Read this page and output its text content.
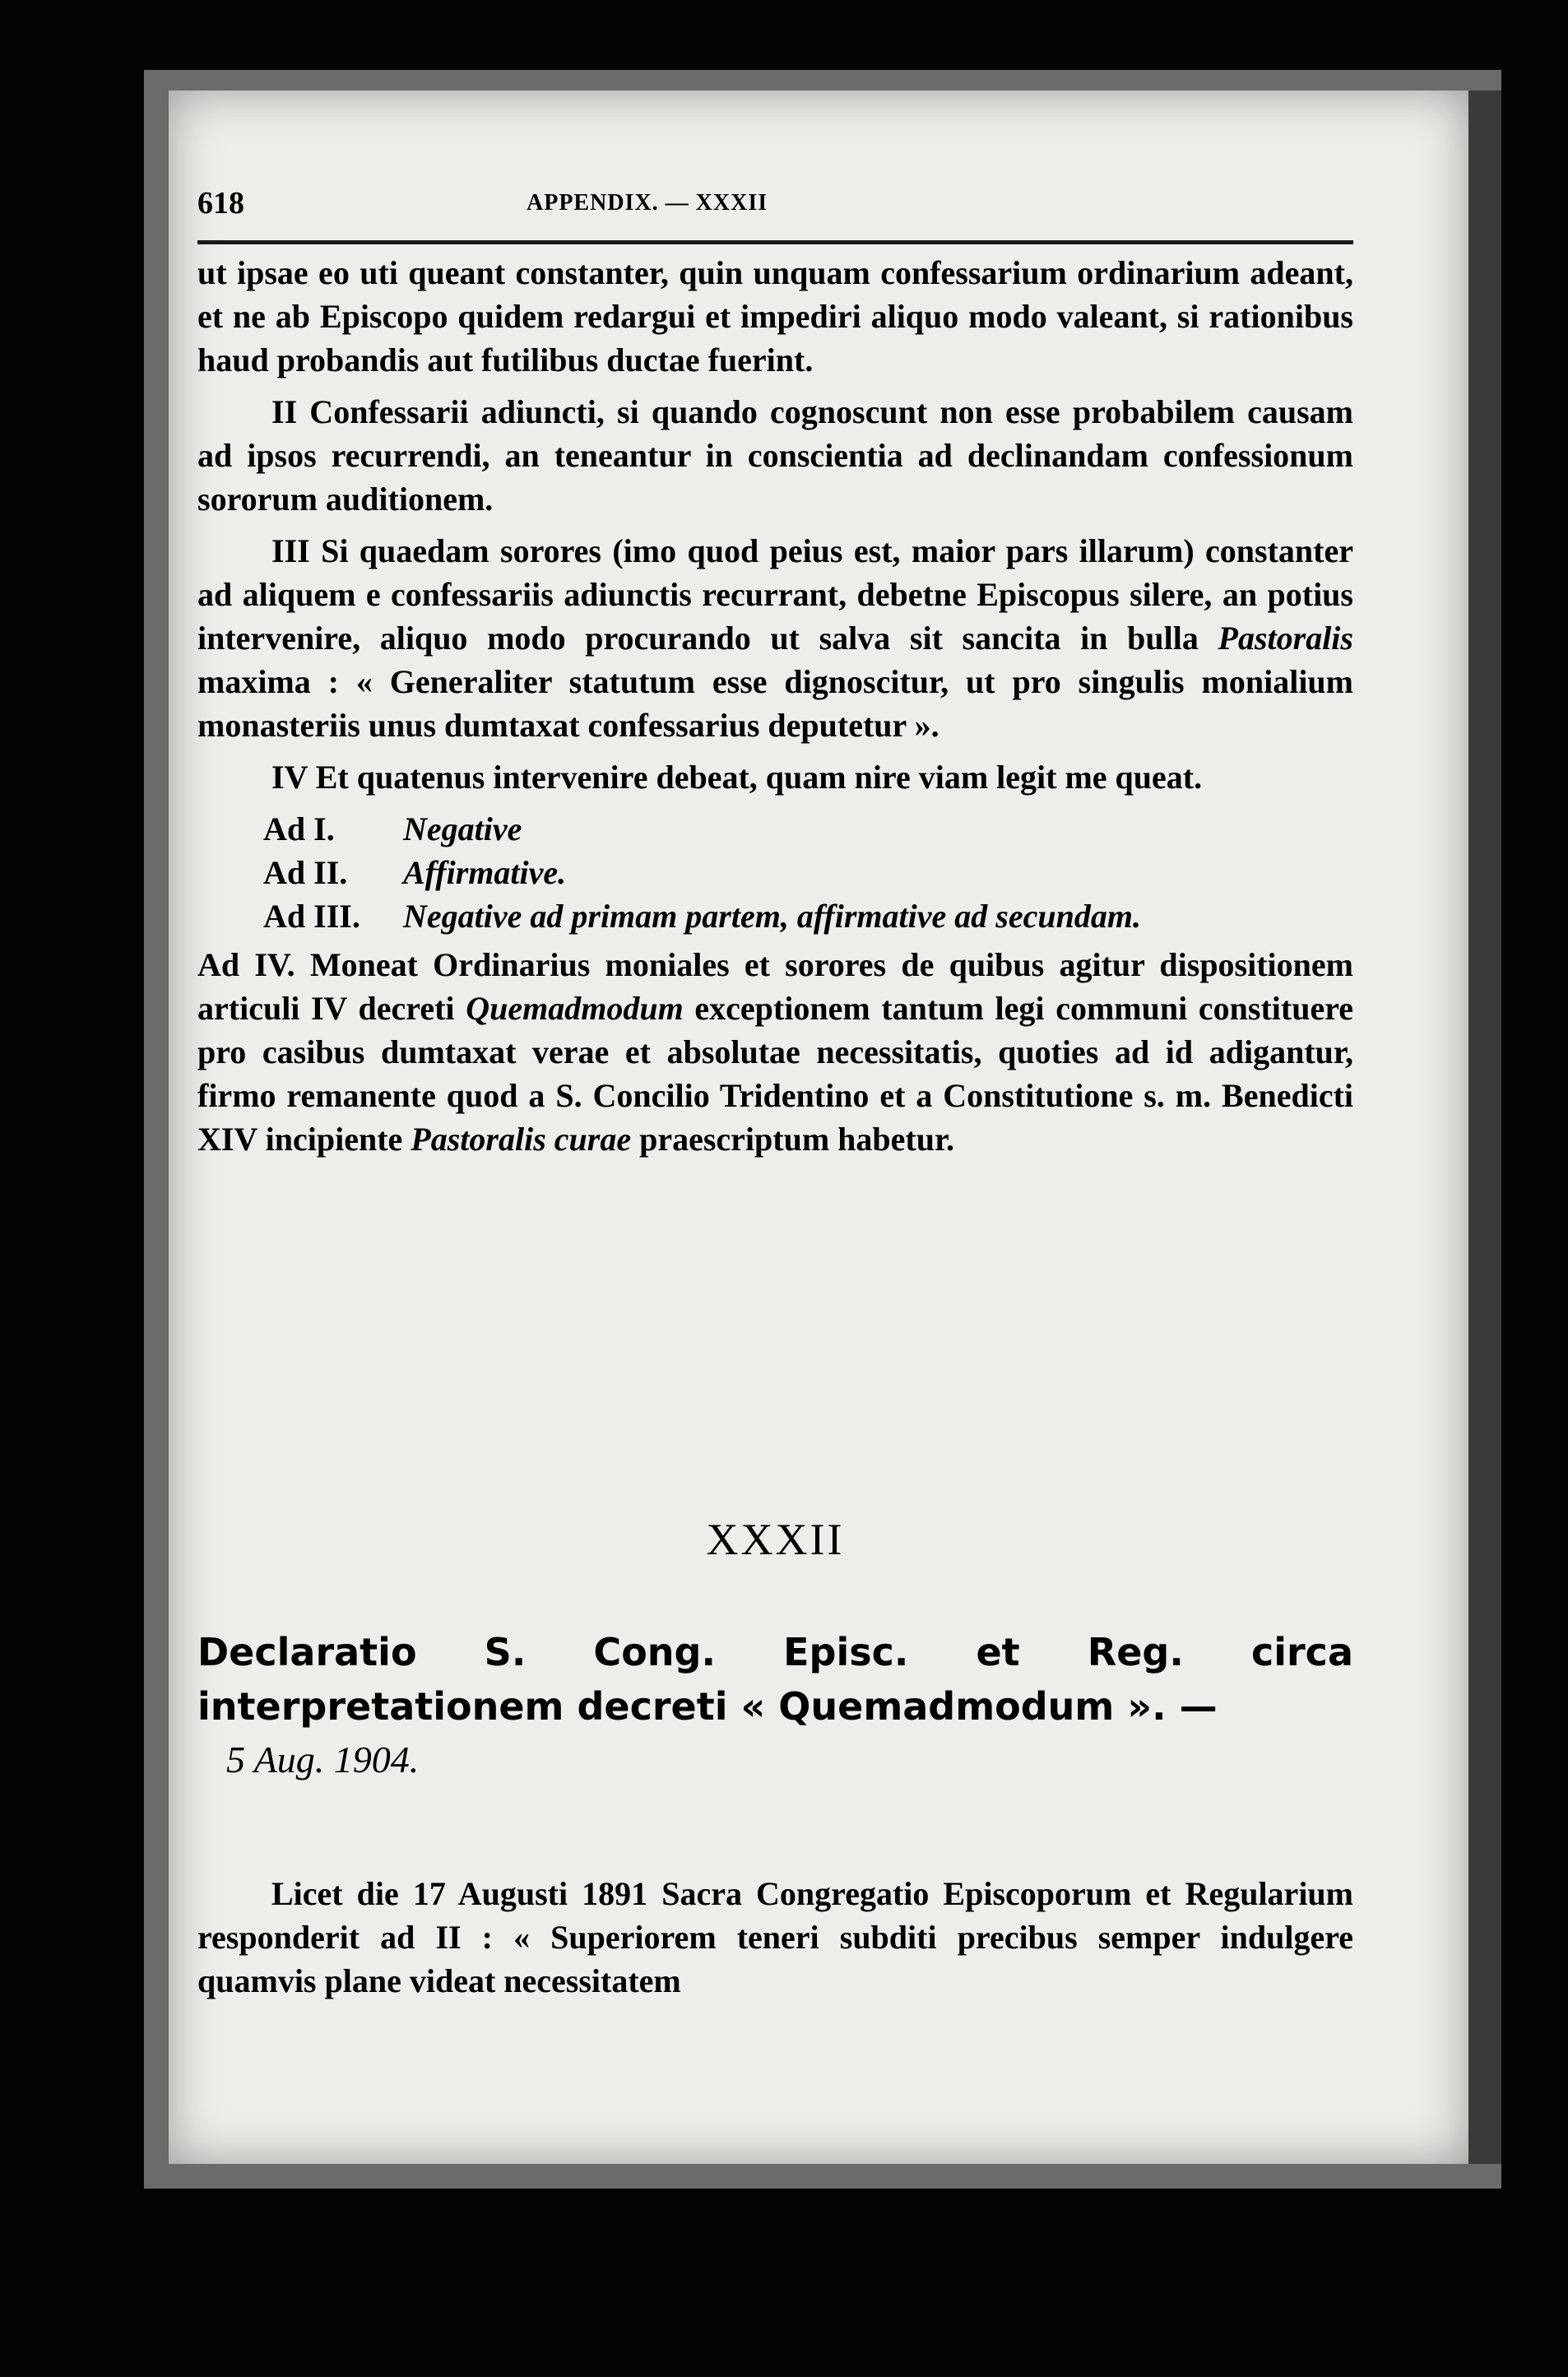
618	APPENDIX. — XXXII

ut ipsae eo uti queant constanter, quin unquam confessarium ordinarium adeant, et ne ab Episcopo quidem redargui et impediri aliquo modo valeant, si rationibus haud probandis aut futilibus ductae fuerint.

II Confessarii adiuncti, si quando cognoscunt non esse probabilem causam ad ipsos recurrendi, an teneantur in conscientia ad declinandam confessionum sororum auditionem.

III Si quaedam sorores (imo quod peius est, maior pars illarum) constanter ad aliquem e confessariis adiunctis recurrant, debetne Episcopus silere, an potius intervenire, aliquo modo procurando ut salva sit sancita in bulla Pastoralis maxima : « Generaliter statutum esse dignoscitur, ut pro singulis monialium monasteriis unus dumtaxat confessarius deputetur ».

IV Et quatenus intervenire debeat, quam nire viam legit me queat.

Ad I.	Negative
Ad II.	Affirmative.
Ad III.	Negative ad primam partem, affirmative ad secundam.

Ad IV. Moneat Ordinarius moniales et sorores de quibus agitur dispositionem articuli IV decreti Quemadmodum exceptionem tantum legi communi constituere pro casibus dumtaxat verae et absolutae necessitatis, quoties ad id adigantur, firmo remanente quod a S. Concilio Tridentino et a Constitutione s. m. Benedicti XIV incipiente Pastoralis curae praescriptum habetur.

XXXII
Declaratio S. Cong. Episc. et Reg. circa interpretationem decreti « Quemadmodum ». —
5 Aug. 1904.

Licet die 17 Augusti 1891 Sacra Congregatio Episcoporum et Regularium responderit ad II : « Superiorem teneri subditi precibus semper indulgere quamvis plane videat necessitatem
